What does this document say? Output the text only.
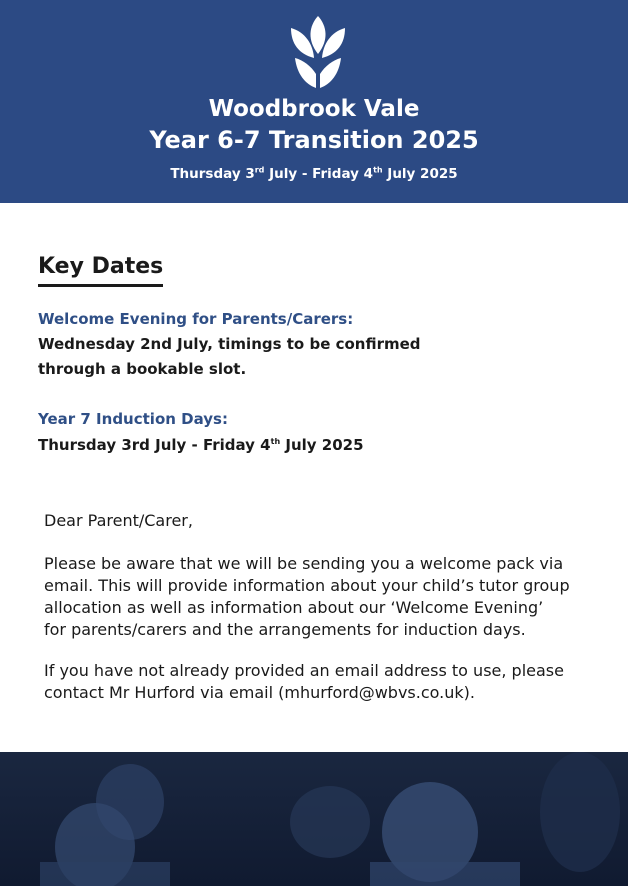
Woodbrook Vale
Year 6-7 Transition 2025
Thursday 3rd July - Friday 4th July 2025
Key Dates
Welcome Evening for Parents/Carers:
Wednesday 2nd July, timings to be confirmed
through a bookable slot.
Year 7 Induction Days:
Thursday 3rd July - Friday 4th July 2025
Dear Parent/Carer,
Please be aware that we will be sending you a welcome pack via
email. This will provide information about your child’s tutor group
allocation as well as information about our ‘Welcome Evening’
for parents/carers and the arrangements for induction days.
If you have not already provided an email address to use, please
contact Mr Hurford via email (mhurford@wbvs.co.uk).
